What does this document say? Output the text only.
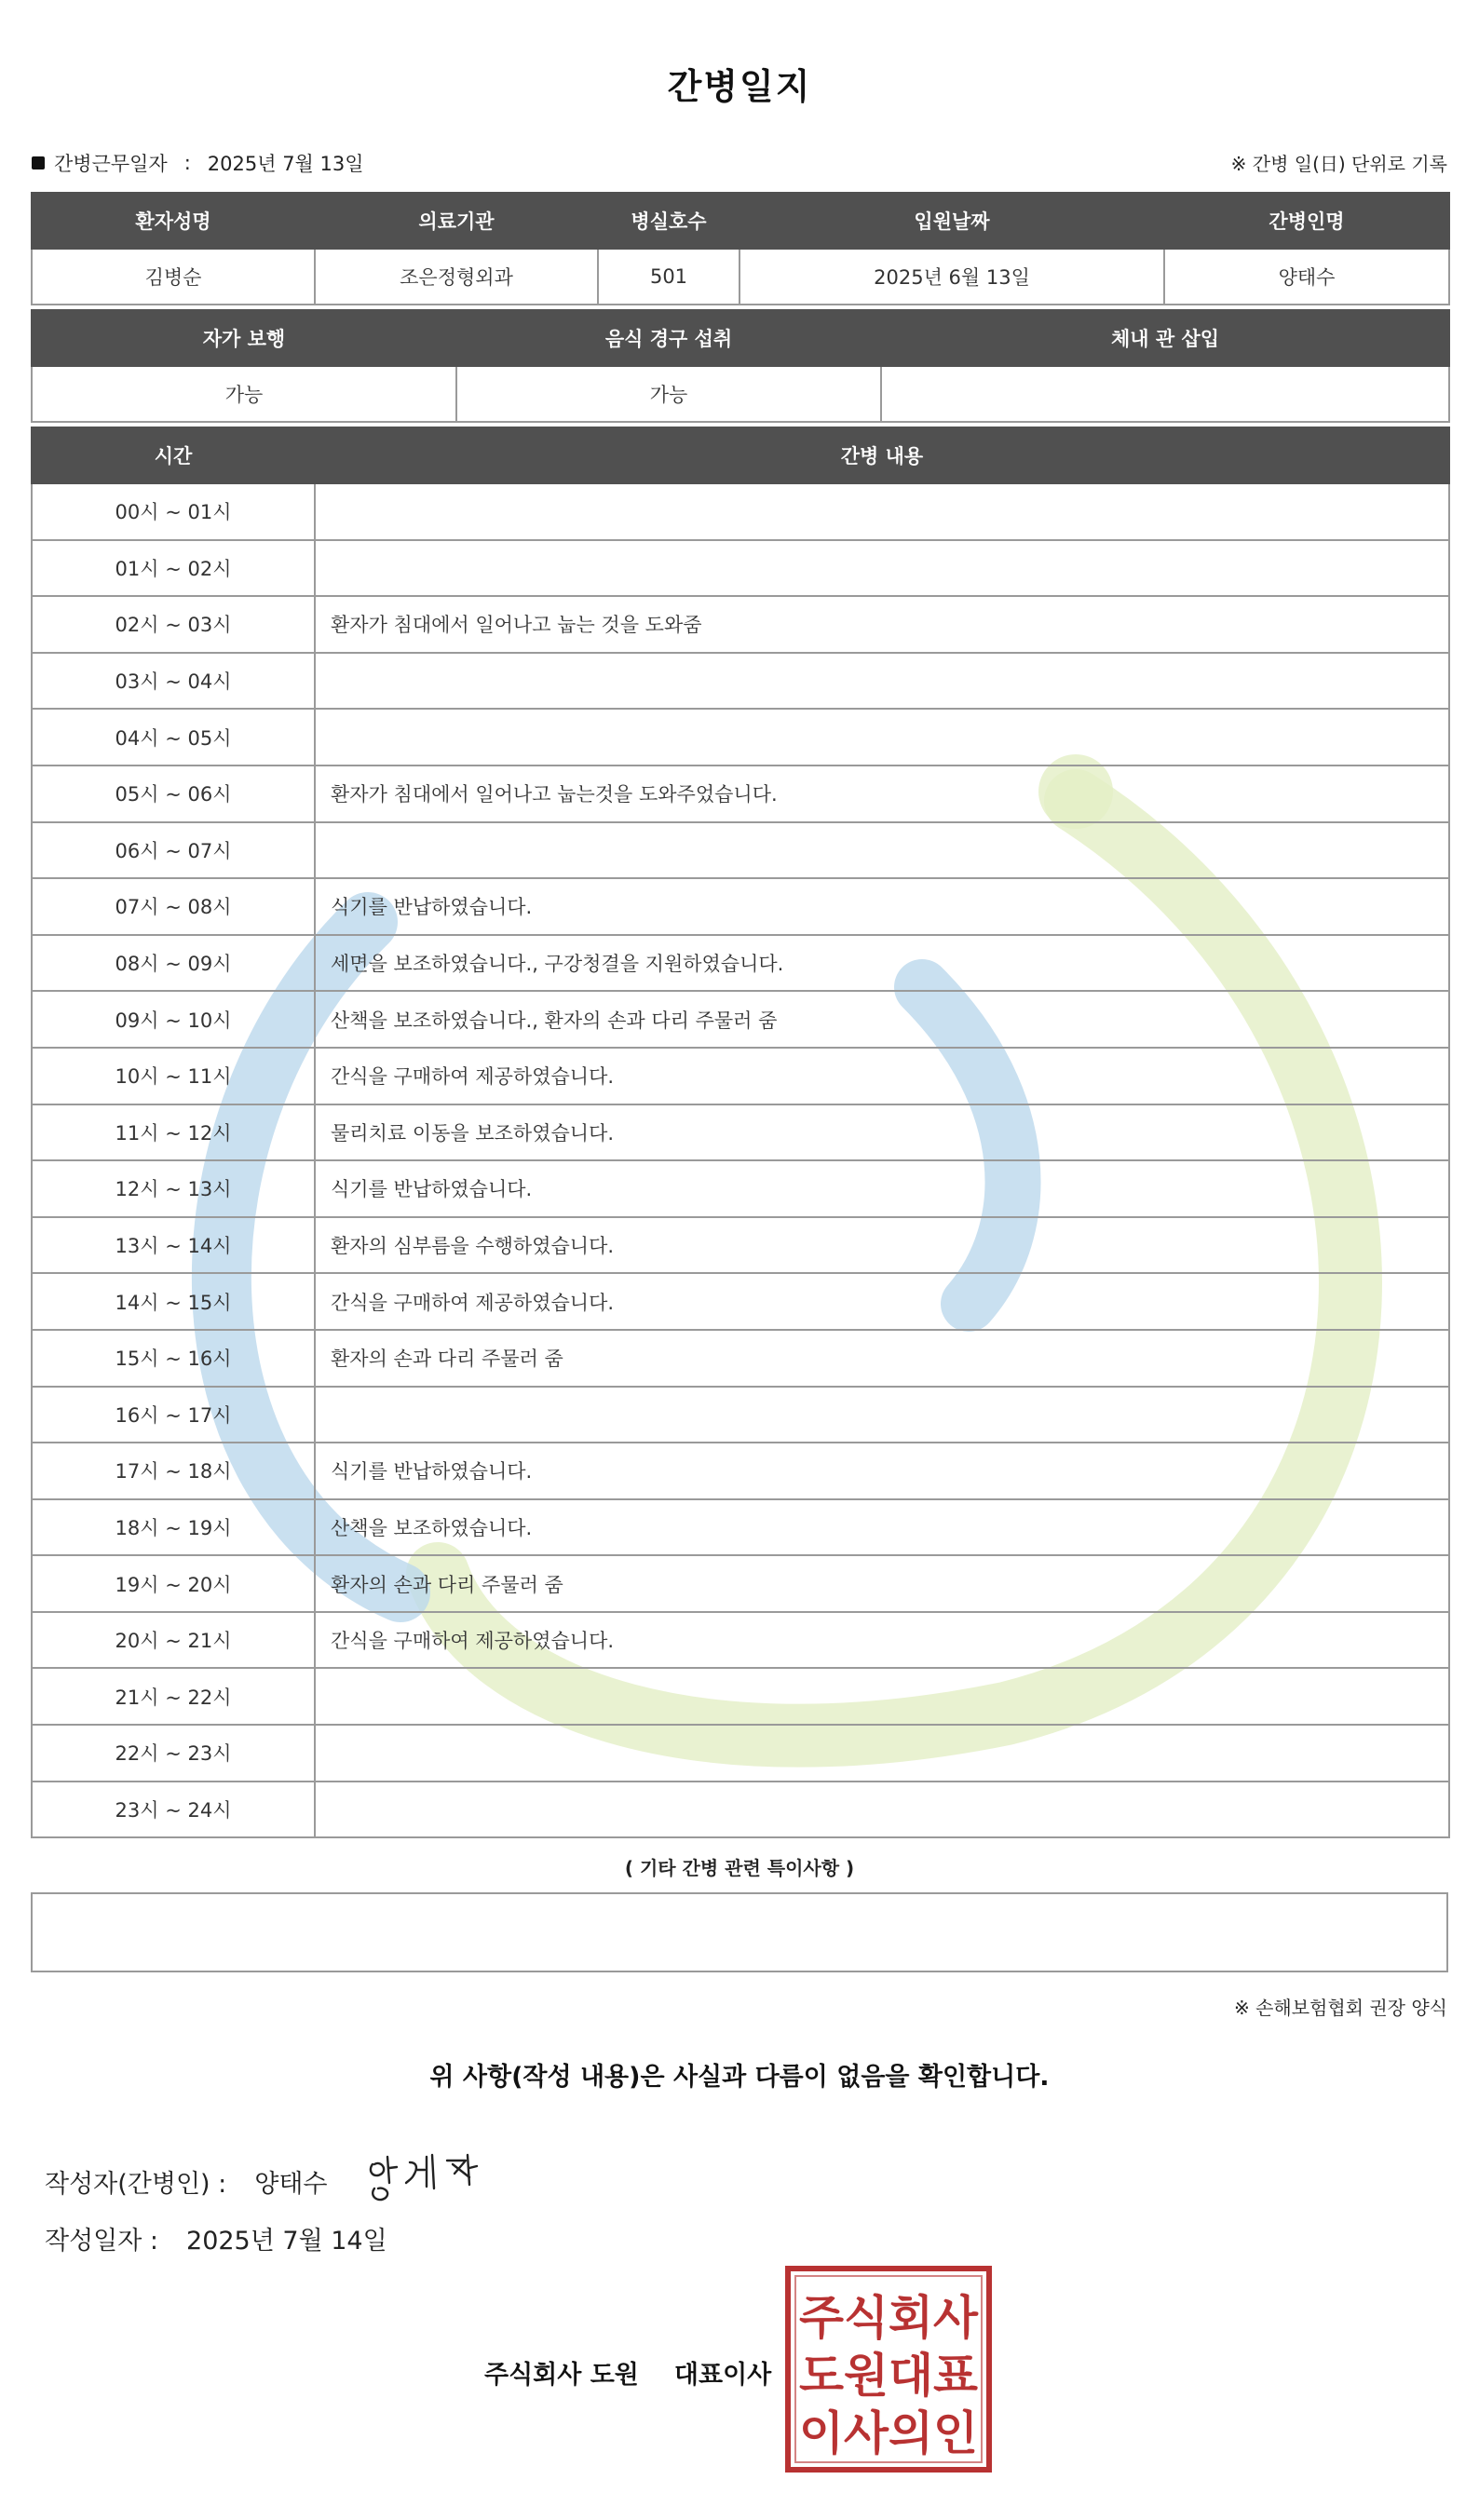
간병일지
간병근무일자 : 2025년 7월 13일	※ 간병 일(日) 단위로 기록
환자성명	의료기관	병실호수	입원날짜	간병인명
김병순	조은정형외과	501	2025년 6월 13일	양태수
자가 보행	음식 경구 섭취	체내 관 삽입
가능	가능	
시간	간병 내용
00시 ~ 01시	
01시 ~ 02시	
02시 ~ 03시	환자가 침대에서 일어나고 눕는 것을 도와줌
03시 ~ 04시	
04시 ~ 05시	
05시 ~ 06시	환자가 침대에서 일어나고 눕는것을 도와주었습니다.
06시 ~ 07시	
07시 ~ 08시	식기를 반납하였습니다.
08시 ~ 09시	세면을 보조하였습니다., 구강청결을 지원하였습니다.
09시 ~ 10시	산책을 보조하였습니다., 환자의 손과 다리 주물러 줌
10시 ~ 11시	간식을 구매하여 제공하였습니다.
11시 ~ 12시	물리치료 이동을 보조하였습니다.
12시 ~ 13시	식기를 반납하였습니다.
13시 ~ 14시	환자의 심부름을 수행하였습니다.
14시 ~ 15시	간식을 구매하여 제공하였습니다.
15시 ~ 16시	환자의 손과 다리 주물러 줌
16시 ~ 17시	
17시 ~ 18시	식기를 반납하였습니다.
18시 ~ 19시	산책을 보조하였습니다.
19시 ~ 20시	환자의 손과 다리 주물러 줌
20시 ~ 21시	간식을 구매하여 제공하였습니다.
21시 ~ 22시	
22시 ~ 23시	
23시 ~ 24시	
( 기타 간병 관련 특이사항 )
※ 손해보험협회 권장 양식
위 사항(작성 내용)은 사실과 다름이 없음을 확인합니다.
작성자(간병인) : 양태수
작성일자 : 2025년 7월 14일
주식회사 도원 대표이사
주식회사
도원대표
이사의인
